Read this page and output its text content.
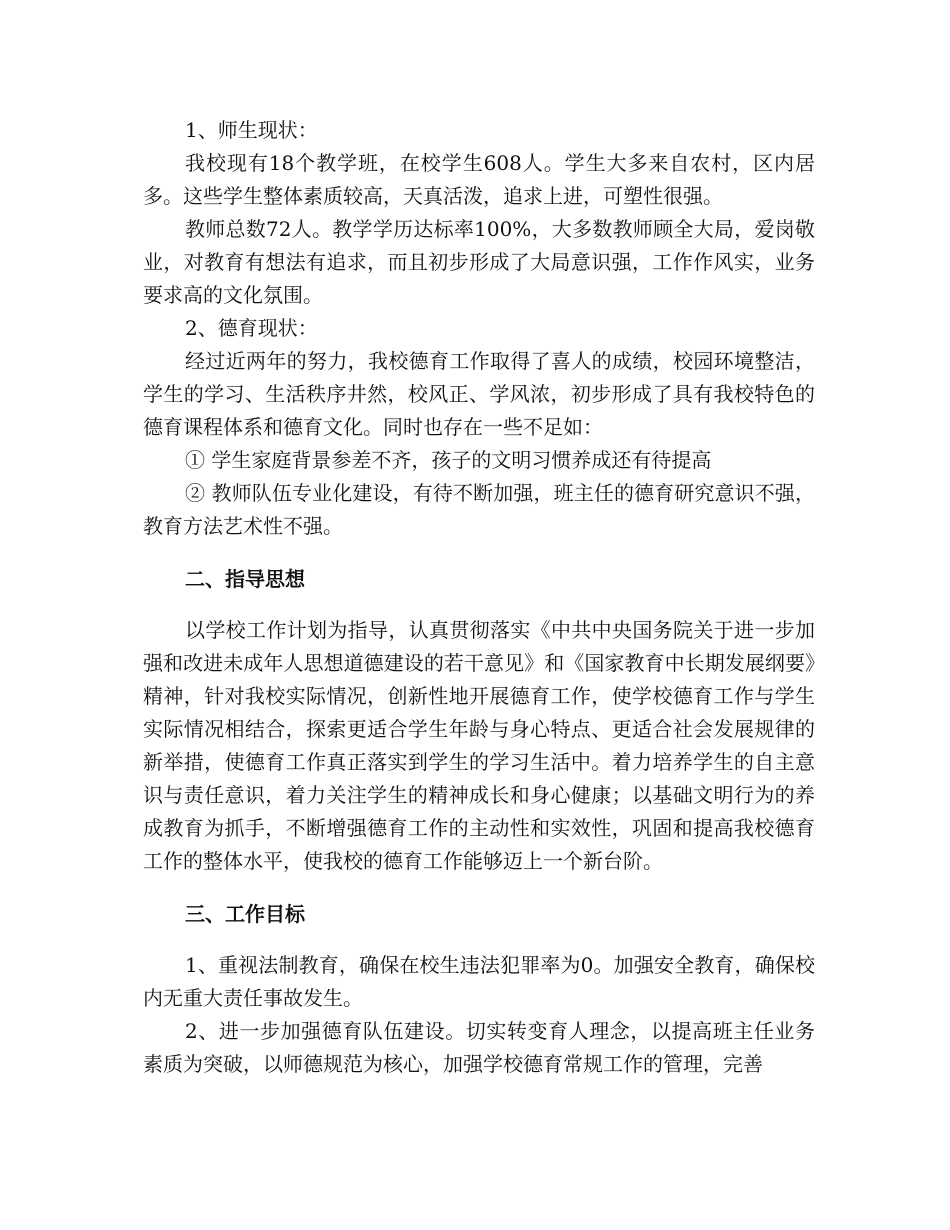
1、师生现状：

我校现有18个教学班，在校学生608人。学生大多来自农村，区内居多。这些学生整体素质较高，天真活泼，追求上进，可塑性很强。

教师总数72人。教学学历达标率100%，大多数教师顾全大局，爱岗敬业，对教育有想法有追求，而且初步形成了大局意识强，工作作风实，业务要求高的文化氛围。

2、德育现状：

经过近两年的努力，我校德育工作取得了喜人的成绩，校园环境整洁，学生的学习、生活秩序井然，校风正、学风浓，初步形成了具有我校特色的德育课程体系和德育文化。同时也存在一些不足如：

① 学生家庭背景参差不齐，孩子的文明习惯养成还有待提高

② 教师队伍专业化建设，有待不断加强，班主任的德育研究意识不强，教育方法艺术性不强。

二、指导思想

以学校工作计划为指导，认真贯彻落实《中共中央国务院关于进一步加强和改进未成年人思想道德建设的若干意见》和《国家教育中长期发展纲要》精神，针对我校实际情况，创新性地开展德育工作，使学校德育工作与学生实际情况相结合，探索更适合学生年龄与身心特点、更适合社会发展规律的新举措，使德育工作真正落实到学生的学习生活中。着力培养学生的自主意识与责任意识，着力关注学生的精神成长和身心健康；以基础文明行为的养成教育为抓手，不断增强德育工作的主动性和实效性，巩固和提高我校德育工作的整体水平，使我校的德育工作能够迈上一个新台阶。

三、工作目标

1、重视法制教育，确保在校生违法犯罪率为0。加强安全教育，确保校内无重大责任事故发生。

2、进一步加强德育队伍建设。切实转变育人理念，以提高班主任业务素质为突破，以师德规范为核心，加强学校德育常规工作的管理，完善
